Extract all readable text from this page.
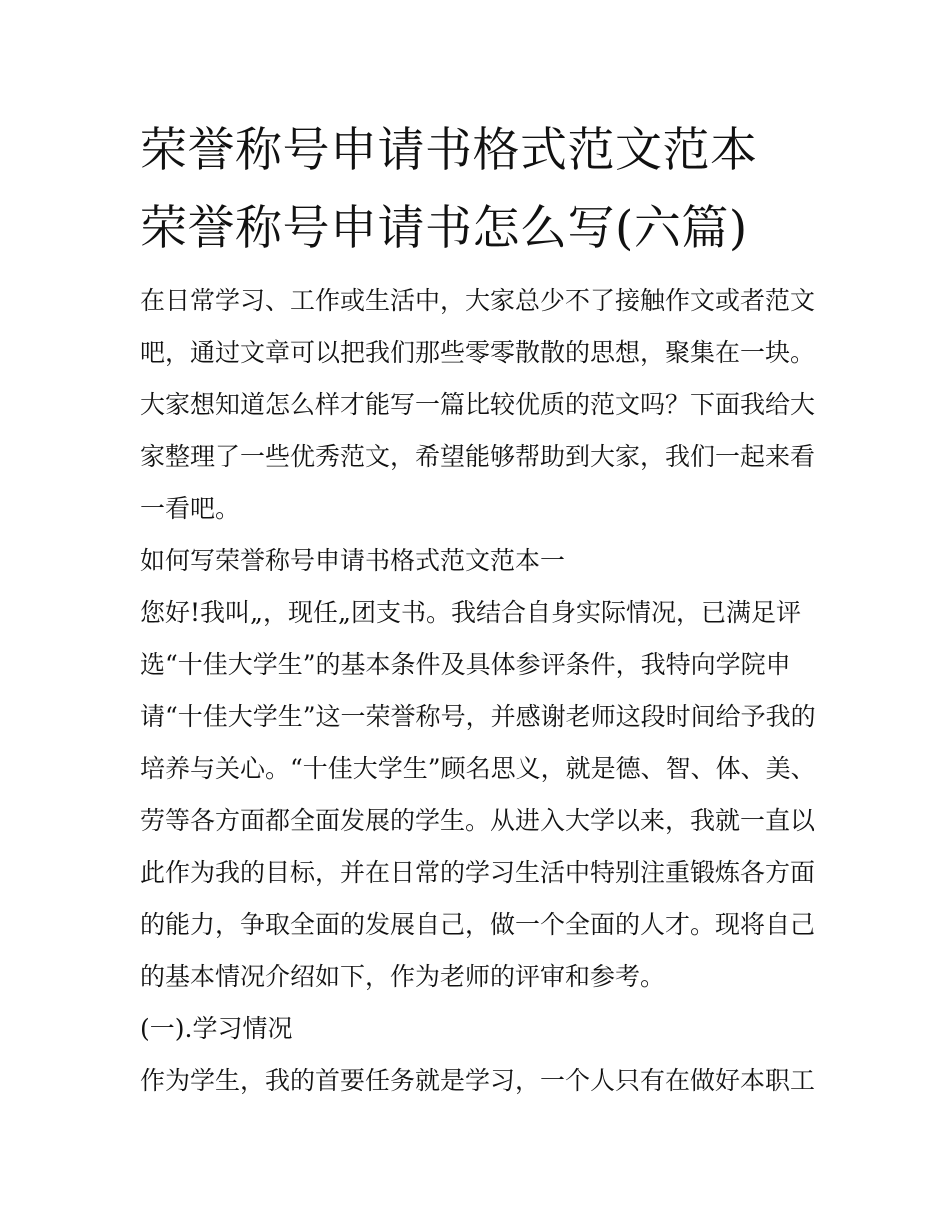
荣誉称号申请书格式范文范本
荣誉称号申请书怎么写(六篇)
在日常学习、工作或生活中，大家总少不了接触作文或者范文
吧，通过文章可以把我们那些零零散散的思想，聚集在一块。
大家想知道怎么样才能写一篇比较优质的范文吗？下面我给大
家整理了一些优秀范文，希望能够帮助到大家，我们一起来看
一看吧。
如何写荣誉称号申请书格式范文范本一
您好!我叫„，现任„团支书。我结合自身实际情况，已满足评
选“十佳大学生”的基本条件及具体参评条件，我特向学院申
请“十佳大学生”这一荣誉称号，并感谢老师这段时间给予我的
培养与关心。“十佳大学生”顾名思义，就是德、智、体、美、
劳等各方面都全面发展的学生。从进入大学以来，我就一直以
此作为我的目标，并在日常的学习生活中特别注重锻炼各方面
的能力，争取全面的发展自己，做一个全面的人才。现将自己
的基本情况介绍如下，作为老师的评审和参考。
(一).学习情况
作为学生，我的首要任务就是学习，一个人只有在做好本职工
